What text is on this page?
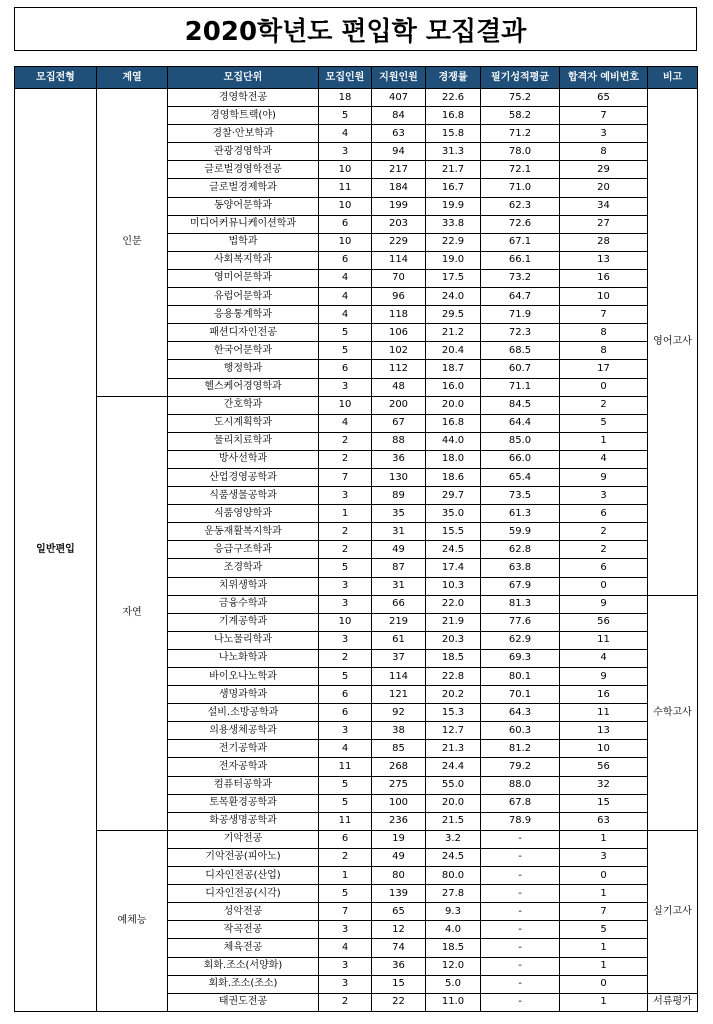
2020학년도 편입학 모집결과
모집전형	계열	모집단위	모집인원	지원인원	경쟁률	필기성적평균	합격자 예비번호	비고
일반편입	인문	경영학전공	18	407	22.6	75.2	65	영어고사
		경영학트랙(야)	5	84	16.8	58.2	7	
		경찰·안보학과	4	63	15.8	71.2	3	
		관광경영학과	3	94	31.3	78.0	8	
		글로벌경영학전공	10	217	21.7	72.1	29	
		글로벌경제학과	11	184	16.7	71.0	20	
		동양어문학과	10	199	19.9	62.3	34	
		미디어커뮤니케이션학과	6	203	33.8	72.6	27	
		법학과	10	229	22.9	67.1	28	
		사회복지학과	6	114	19.0	66.1	13	
		영미어문학과	4	70	17.5	73.2	16	
		유럽어문학과	4	96	24.0	64.7	10	
		응용통계학과	4	118	29.5	71.9	7	
		패션디자인전공	5	106	21.2	72.3	8	
		한국어문학과	5	102	20.4	68.5	8	
		행정학과	6	112	18.7	60.7	17	
		헬스케어경영학과	3	48	16.0	71.1	0	
	자연	간호학과	10	200	20.0	84.5	2	
		도시계획학과	4	67	16.8	64.4	5	
		물리치료학과	2	88	44.0	85.0	1	
		방사선학과	2	36	18.0	66.0	4	
		산업경영공학과	7	130	18.6	65.4	9	
		식품생물공학과	3	89	29.7	73.5	3	
		식품영양학과	1	35	35.0	61.3	6	
		운동재활복지학과	2	31	15.5	59.9	2	
		응급구조학과	2	49	24.5	62.8	2	
		조경학과	5	87	17.4	63.8	6	
		치위생학과	3	31	10.3	67.9	0	
		금융수학과	3	66	22.0	81.3	9	수학고사
		기계공학과	10	219	21.9	77.6	56	
		나노물리학과	3	61	20.3	62.9	11	
		나노화학과	2	37	18.5	69.3	4	
		바이오나노학과	5	114	22.8	80.1	9	
		생명과학과	6	121	20.2	70.1	16	
		설비.소방공학과	6	92	15.3	64.3	11	
		의용생체공학과	3	38	12.7	60.3	13	
		전기공학과	4	85	21.3	81.2	10	
		전자공학과	11	268	24.4	79.2	56	
		컴퓨터공학과	5	275	55.0	88.0	32	
		토목환경공학과	5	100	20.0	67.8	15	
		화공생명공학과	11	236	21.5	78.9	63	
	예체능	기악전공	6	19	3.2	-	1	실기고사
		기악전공(피아노)	2	49	24.5	-	3	
		디자인전공(산업)	1	80	80.0	-	0	
		디자인전공(시각)	5	139	27.8	-	1	
		성악전공	7	65	9.3	-	7	
		작곡전공	3	12	4.0	-	5	
		체육전공	4	74	18.5	-	1	
		회화.조소(서양화)	3	36	12.0	-	1	
		회화.조소(조소)	3	15	5.0	-	0	
		태권도전공	2	22	11.0	-	1	서류평가
